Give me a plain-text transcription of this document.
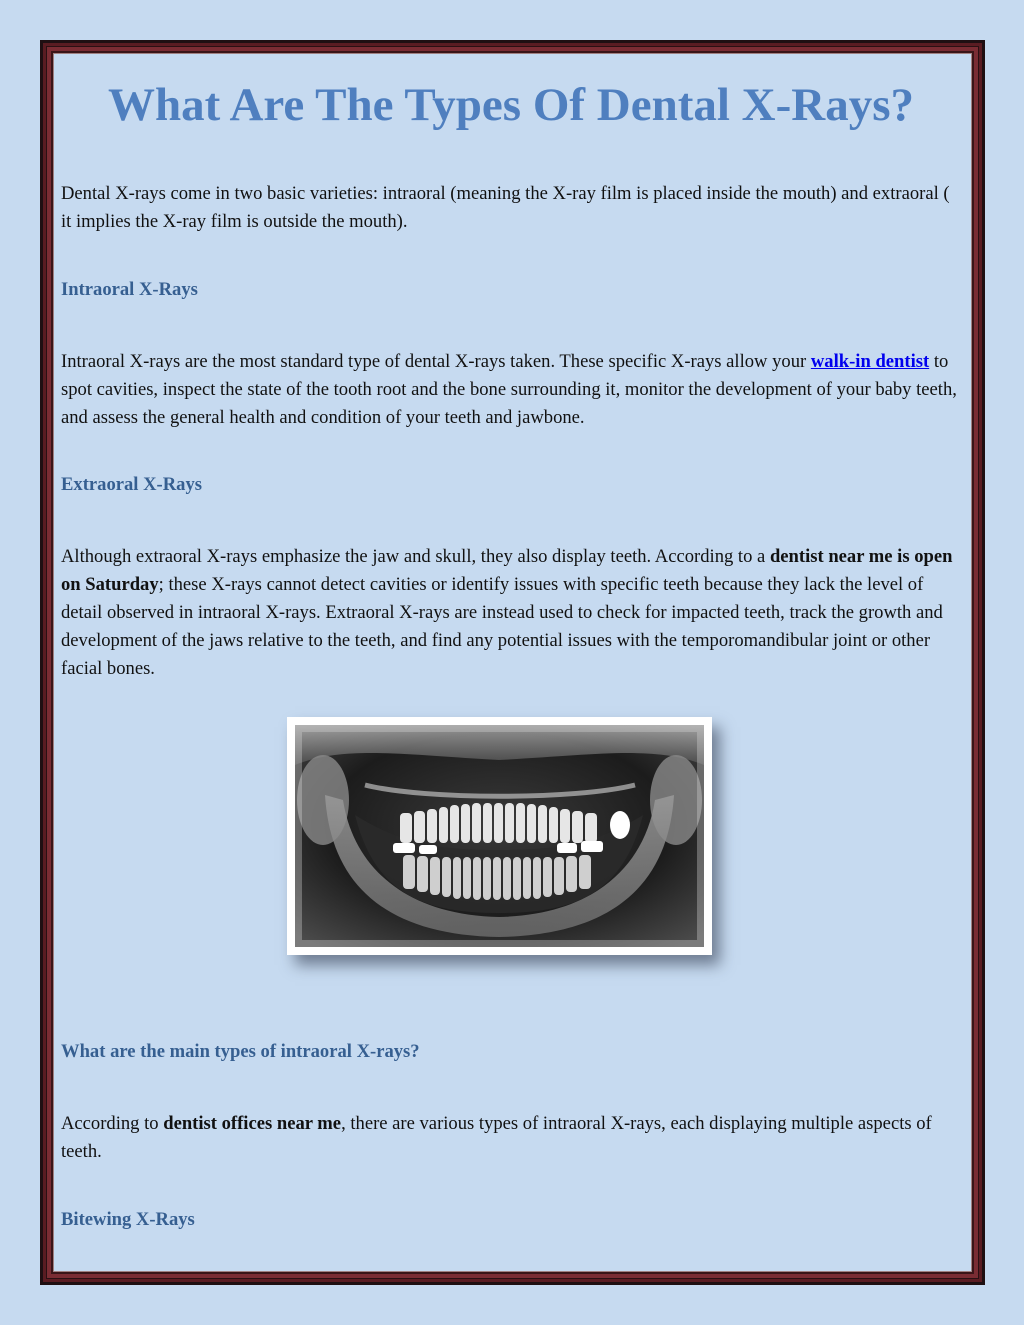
What Are The Types Of Dental X-Rays?

Dental X-rays come in two basic varieties: intraoral (meaning the X-ray film is placed inside the mouth) and extraoral ( it implies the X-ray film is outside the mouth).

Intraoral X-Rays

Intraoral X-rays are the most standard type of dental X-rays taken. These specific X-rays allow your walk-in dentist to spot cavities, inspect the state of the tooth root and the bone surrounding it, monitor the development of your baby teeth, and assess the general health and condition of your teeth and jawbone.

Extraoral X-Rays

Although extraoral X-rays emphasize the jaw and skull, they also display teeth. According to a dentist near me is open on Saturday; these X-rays cannot detect cavities or identify issues with specific teeth because they lack the level of detail observed in intraoral X-rays. Extraoral X-rays are instead used to check for impacted teeth, track the growth and development of the jaws relative to the teeth, and find any potential issues with the temporomandibular joint or other facial bones.

What are the main types of intraoral X-rays?

According to dentist offices near me, there are various types of intraoral X-rays, each displaying multiple aspects of teeth.

Bitewing X-Rays
